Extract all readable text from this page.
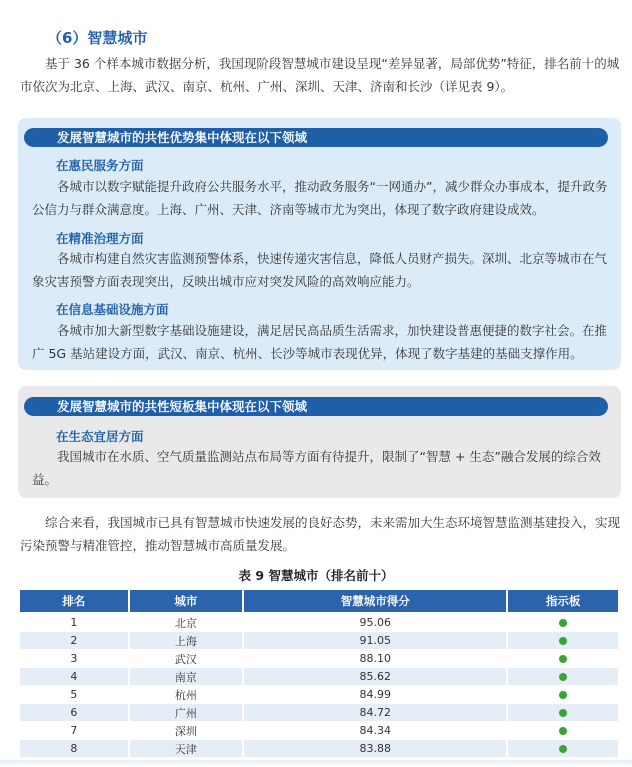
（6）智慧城市
基于 36 个样本城市数据分析，我国现阶段智慧城市建设呈现“差异显著，局部优势”特征，排名前十的城市依次为北京、上海、武汉、南京、杭州、广州、深圳、天津、济南和长沙（详见表 9）。
发展智慧城市的共性优势集中体现在以下领域
在惠民服务方面
各城市以数字赋能提升政府公共服务水平，推动政务服务“一网通办”，减少群众办事成本，提升政务公信力与群众满意度。上海、广州、天津、济南等城市尤为突出，体现了数字政府建设成效。
在精准治理方面
各城市构建自然灾害监测预警体系，快速传递灾害信息，降低人员财产损失。深圳、北京等城市在气象灾害预警方面表现突出，反映出城市应对突发风险的高效响应能力。
在信息基础设施方面
各城市加大新型数字基础设施建设，满足居民高品质生活需求，加快建设普惠便捷的数字社会。在推广 5G 基站建设方面，武汉、南京、杭州、长沙等城市表现优异，体现了数字基建的基础支撑作用。
发展智慧城市的共性短板集中体现在以下领域
在生态宜居方面
我国城市在水质、空气质量监测站点布局等方面有待提升，限制了“智慧 + 生态”融合发展的综合效益。
综合来看，我国城市已具有智慧城市快速发展的良好态势，未来需加大生态环境智慧监测基建投入，实现污染预警与精准管控，推动智慧城市高质量发展。
表 9 智慧城市（排名前十）
排名	城市	智慧城市得分	指示板
1	北京	95.06	
2	上海	91.05	
3	武汉	88.10	
4	南京	85.62	
5	杭州	84.99	
6	广州	84.72	
7	深圳	84.34	
8	天津	83.88	
